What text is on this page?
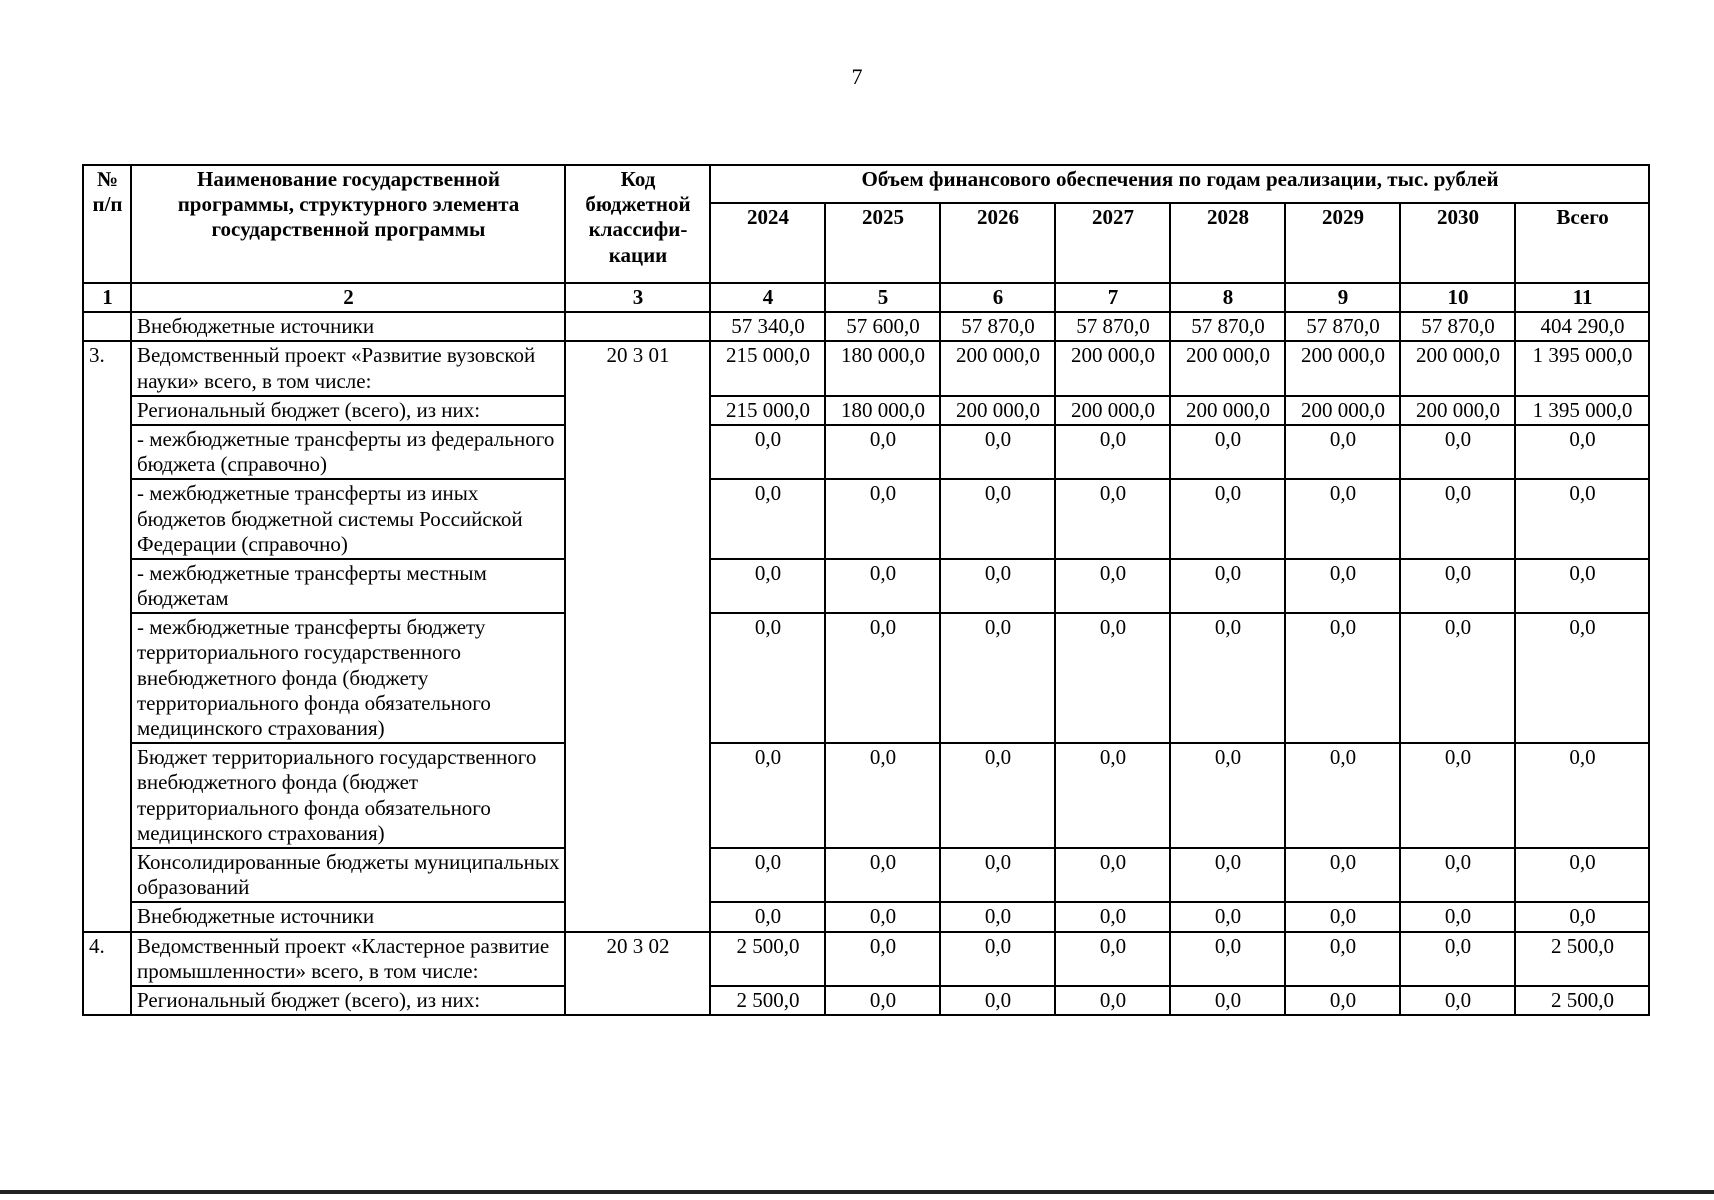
7
№ п/п	Наименование государственной программы, структурного элемента государственной программы	Код бюджетной классифи-кации	Объем финансового обеспечения по годам реализации, тыс. рублей							
			2024	2025	2026	2027	2028	2029	2030	Всего
1	2	3	4	5	6	7	8	9	10	11
	Внебюджетные источники		57 340,0	57 600,0	57 870,0	57 870,0	57 870,0	57 870,0	57 870,0	404 290,0
3.	Ведомственный проект «Развитие вузовской науки» всего, в том числе:	20 3 01	215 000,0	180 000,0	200 000,0	200 000,0	200 000,0	200 000,0	200 000,0	1 395 000,0
	Региональный бюджет (всего), из них:		215 000,0	180 000,0	200 000,0	200 000,0	200 000,0	200 000,0	200 000,0	1 395 000,0
	- межбюджетные трансферты из федерального бюджета (справочно)		0,0	0,0	0,0	0,0	0,0	0,0	0,0	0,0
	- межбюджетные трансферты из иных бюджетов бюджетной системы Российской Федерации (справочно)		0,0	0,0	0,0	0,0	0,0	0,0	0,0	0,0
	- межбюджетные трансферты местным бюджетам		0,0	0,0	0,0	0,0	0,0	0,0	0,0	0,0
	- межбюджетные трансферты бюджету территориального государственного внебюджетного фонда (бюджету территориального фонда обязательного медицинского страхования)		0,0	0,0	0,0	0,0	0,0	0,0	0,0	0,0
	Бюджет территориального государственного внебюджетного фонда (бюджет территориального фонда обязательного медицинского страхования)		0,0	0,0	0,0	0,0	0,0	0,0	0,0	0,0
	Консолидированные бюджеты муниципальных образований		0,0	0,0	0,0	0,0	0,0	0,0	0,0	0,0
	Внебюджетные источники		0,0	0,0	0,0	0,0	0,0	0,0	0,0	0,0
4.	Ведомственный проект «Кластерное развитие промышленности» всего, в том числе:	20 3 02	2 500,0	0,0	0,0	0,0	0,0	0,0	0,0	2 500,0
	Региональный бюджет (всего), из них:		2 500,0	0,0	0,0	0,0	0,0	0,0	0,0	2 500,0
